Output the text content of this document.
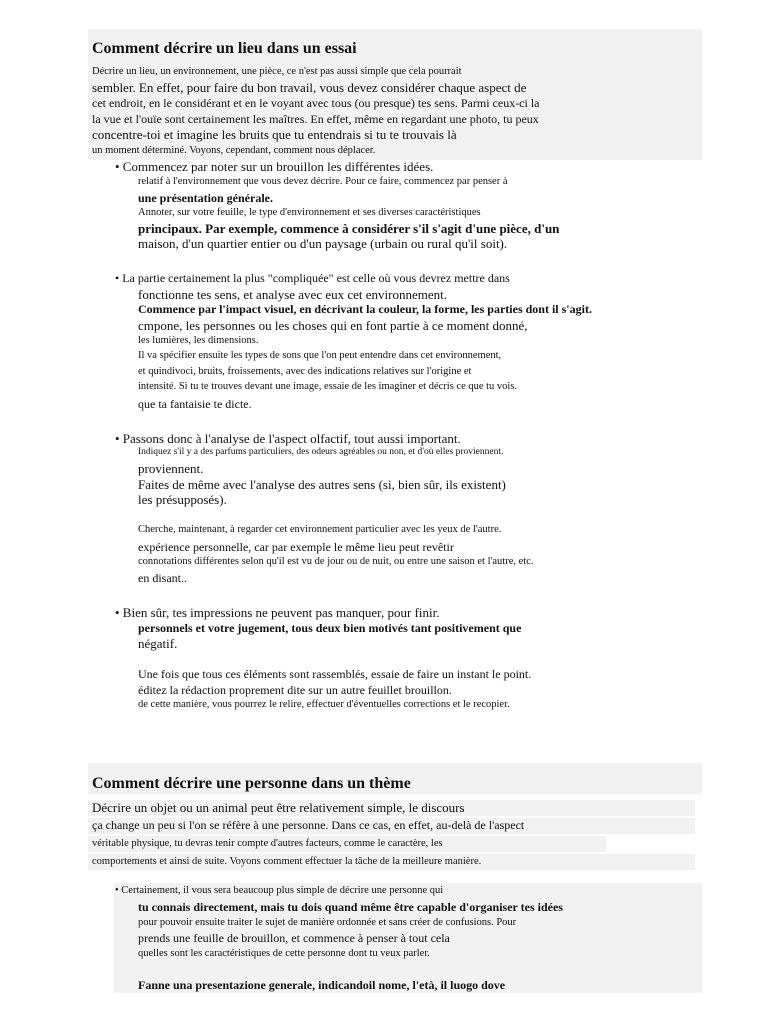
Comment décrire un lieu dans un essai
Décrire un lieu, un environnement, une pièce, ce n'est pas aussi simple que cela pourrait
sembler. En effet, pour faire du bon travail, vous devez considérer chaque aspect de
cet endroit, en le considérant et en le voyant avec tous (ou presque) tes sens. Parmi ceux-ci la
la vue et l'ouïe sont certainement les maîtres. En effet, même en regardant une photo, tu peux
concentre-toi et imagine les bruits que tu entendrais si tu te trouvais là
un moment déterminé. Voyons, cependant, comment nous déplacer.
• Commencez par noter sur un brouillon les différentes idées.
relatif à l'environnement que vous devez décrire. Pour ce faire, commencez par penser à
une présentation générale.
Annoter, sur votre feuille, le type d'environnement et ses diverses caractéristiques
principaux. Par exemple, commence à considérer s'il s'agit d'une pièce, d'un
maison, d'un quartier entier ou d'un paysage (urbain ou rural qu'il soit).
• La partie certainement la plus "compliquée" est celle où vous devrez mettre dans
fonctionne tes sens, et analyse avec eux cet environnement.
Commence par l'impact visuel, en décrivant la couleur, la forme, les parties dont il s'agit.
cmpone, les personnes ou les choses qui en font partie à ce moment donné,
les lumières, les dimensions.
Il va spécifier ensuite les types de sons que l'on peut entendre dans cet environnement,
et quindivoci, bruits, froissements, avec des indications relatives sur l'origine et
intensité. Si tu te trouves devant une image, essaie de les imaginer et décris ce que tu vois.
que ta fantaisie te dicte.
• Passons donc à l'analyse de l'aspect olfactif, tout aussi important.
Indiquez s'il y a des parfums particuliers, des odeurs agréables ou non, et d'où elles proviennent.
proviennent.
Faites de même avec l'analyse des autres sens (si, bien sûr, ils existent)
les présupposés).
Cherche, maintenant, à regarder cet environnement particulier avec les yeux de l'autre.
expérience personnelle, car par exemple le même lieu peut revêtir
connotations différentes selon qu'il est vu de jour ou de nuit, ou entre une saison et l'autre, etc.
en disant..
• Bien sûr, tes impressions ne peuvent pas manquer, pour finir.
personnels et votre jugement, tous deux bien motivés tant positivement que
négatif.
Une fois que tous ces éléments sont rassemblés, essaie de faire un instant le point.
éditez la rédaction proprement dite sur un autre feuillet brouillon.
de cette manière, vous pourrez le relire, effectuer d'éventuelles corrections et le recopier.
Comment décrire une personne dans un thème
Décrire un objet ou un animal peut être relativement simple, le discours
ça change un peu si l'on se réfère à une personne. Dans ce cas, en effet, au-delà de l'aspect
véritable physique, tu devras tenir compte d'autres facteurs, comme le caractère, les
comportements et ainsi de suite. Voyons comment effectuer la tâche de la meilleure manière.
• Certainement, il vous sera beaucoup plus simple de décrire une personne qui
tu connais directement, mais tu dois quand même être capable d'organiser tes idées
pour pouvoir ensuite traiter le sujet de manière ordonnée et sans créer de confusions. Pour
prends une feuille de brouillon, et commence à penser à tout cela
quelles sont les caractéristiques de cette personne dont tu veux parler.
Fanne una presentazione generale, indicandoil nome, l'età, il luogo dove
